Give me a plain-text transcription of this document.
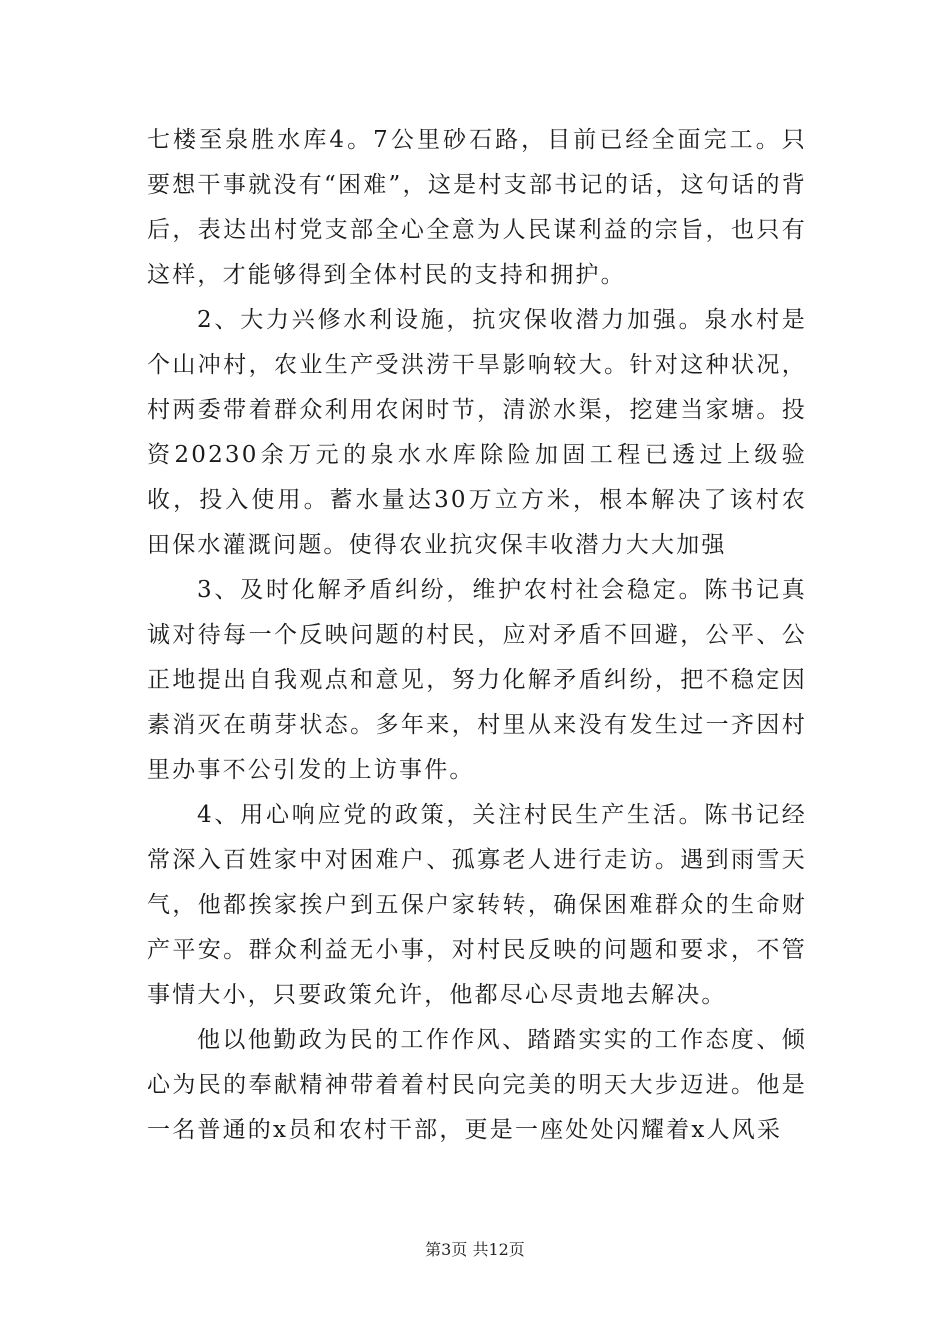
七楼至泉胜水库4。7公里砂石路，目前已经全面完工。只要想干事就没有“困难”，这是村支部书记的话，这句话的背后，表达出村党支部全心全意为人民谋利益的宗旨，也只有这样，才能够得到全体村民的支持和拥护。

2、大力兴修水利设施，抗灾保收潜力加强。泉水村是个山冲村，农业生产受洪涝干旱影响较大。针对这种状况，村两委带着群众利用农闲时节，清淤水渠，挖建当家塘。投资20230余万元的泉水水库除险加固工程已透过上级验收，投入使用。蓄水量达30万立方米，根本解决了该村农田保水灌溉问题。使得农业抗灾保丰收潜力大大加强

3、及时化解矛盾纠纷，维护农村社会稳定。陈书记真诚对待每一个反映问题的村民，应对矛盾不回避，公平、公正地提出自我观点和意见，努力化解矛盾纠纷，把不稳定因素消灭在萌芽状态。多年来，村里从来没有发生过一齐因村里办事不公引发的上访事件。

4、用心响应党的政策，关注村民生产生活。陈书记经常深入百姓家中对困难户、孤寡老人进行走访。遇到雨雪天气，他都挨家挨户到五保户家转转，确保困难群众的生命财产平安。群众利益无小事，对村民反映的问题和要求，不管事情大小，只要政策允许，他都尽心尽责地去解决。

他以他勤政为民的工作作风、踏踏实实的工作态度、倾心为民的奉献精神带着着村民向完美的明天大步迈进。他是一名普通的x员和农村干部，更是一座处处闪耀着x人风采

第3页 共12页
